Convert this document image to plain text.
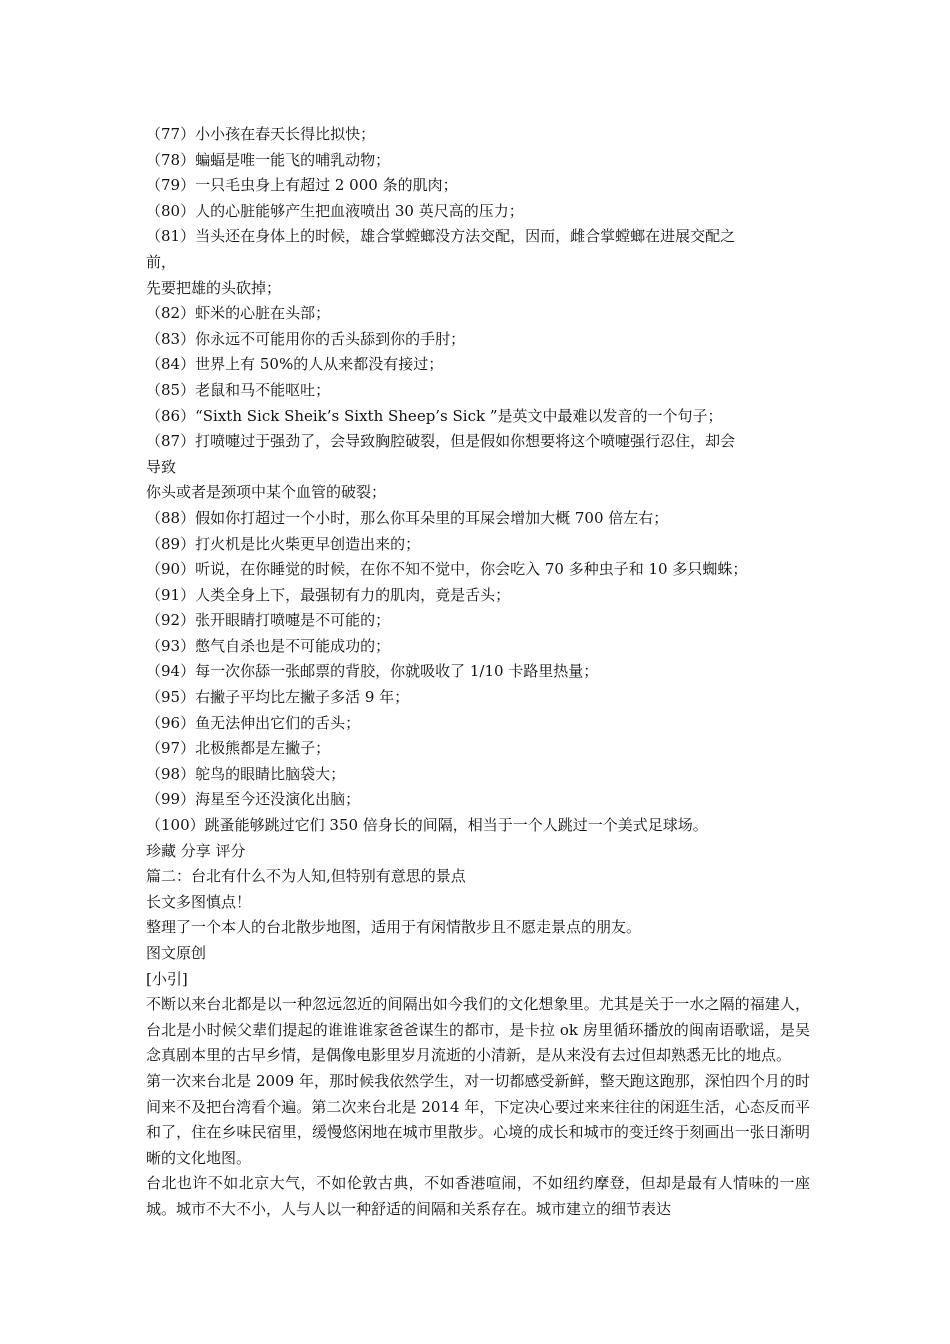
（77）小小孩在春天长得比拟快；
（78）蝙蝠是唯一能飞的哺乳动物；
（79）一只毛虫身上有超过 2 000 条的肌肉；
（80）人的心脏能够产生把血液喷出 30 英尺高的压力；
（81）当头还在身体上的时候，雄合掌螳螂没方法交配，因而，雌合掌螳螂在进展交配之
前，
先要把雄的头砍掉；
（82）虾米的心脏在头部；
（83）你永远不可能用你的舌头舔到你的手肘；
（84）世界上有 50%的人从来都没有接过；
（85）老鼠和马不能呕吐；
（86）“Sixth Sick Sheik’s Sixth Sheep’s Sick ”是英文中最难以发音的一个句子；
（87）打喷嚏过于强劲了，会导致胸腔破裂，但是假如你想要将这个喷嚏强行忍住，却会
导致
你头或者是颈项中某个血管的破裂；
（88）假如你打超过一个小时，那么你耳朵里的耳屎会增加大概 700 倍左右；
（89）打火机是比火柴更早创造出来的；
（90）听说，在你睡觉的时候，在你不知不觉中，你会吃入 70 多种虫子和 10 多只蜘蛛；
（91）人类全身上下，最强韧有力的肌肉，竟是舌头；
（92）张开眼睛打喷嚏是不可能的；
（93）憋气自杀也是不可能成功的；
（94）每一次你舔一张邮票的背胶，你就吸收了 1/10 卡路里热量；
（95）右撇子平均比左撇子多活 9 年；
（96）鱼无法伸出它们的舌头；
（97）北极熊都是左撇子；
（98）鸵鸟的眼睛比脑袋大；
（99）海星至今还没演化出脑；
（100）跳蚤能够跳过它们 350 倍身长的间隔，相当于一个人跳过一个美式足球场。
珍藏 分享 评分
篇二：台北有什么不为人知,但特别有意思的景点
长文多图慎点！
整理了一个本人的台北散步地图，适用于有闲情散步且不愿走景点的朋友。
图文原创
[小引]

不断以来台北都是以一种忽远忽近的间隔出如今我们的文化想象里。尤其是关于一水之隔的福建人，台北是小时候父辈们提起的谁谁谁家爸爸谋生的都市，是卡拉 ok 房里循环播放的闽南语歌谣，是吴念真剧本里的古早乡情，是偶像电影里岁月流逝的小清新，是从来没有去过但却熟悉无比的地点。

第一次来台北是 2009 年，那时候我依然学生，对一切都感受新鲜，整天跑这跑那，深怕四个月的时间来不及把台湾看个遍。第二次来台北是 2014 年，下定决心要过来来往往的闲逛生活，心态反而平和了，住在乡味民宿里，缓慢悠闲地在城市里散步。心境的成长和城市的变迁终于刻画出一张日渐明晰的文化地图。

台北也许不如北京大气，不如伦敦古典，不如香港喧闹，不如纽约摩登，但却是最有人情味的一座城。城市不大不小，人与人以一种舒适的间隔和关系存在。城市建立的细节表达
